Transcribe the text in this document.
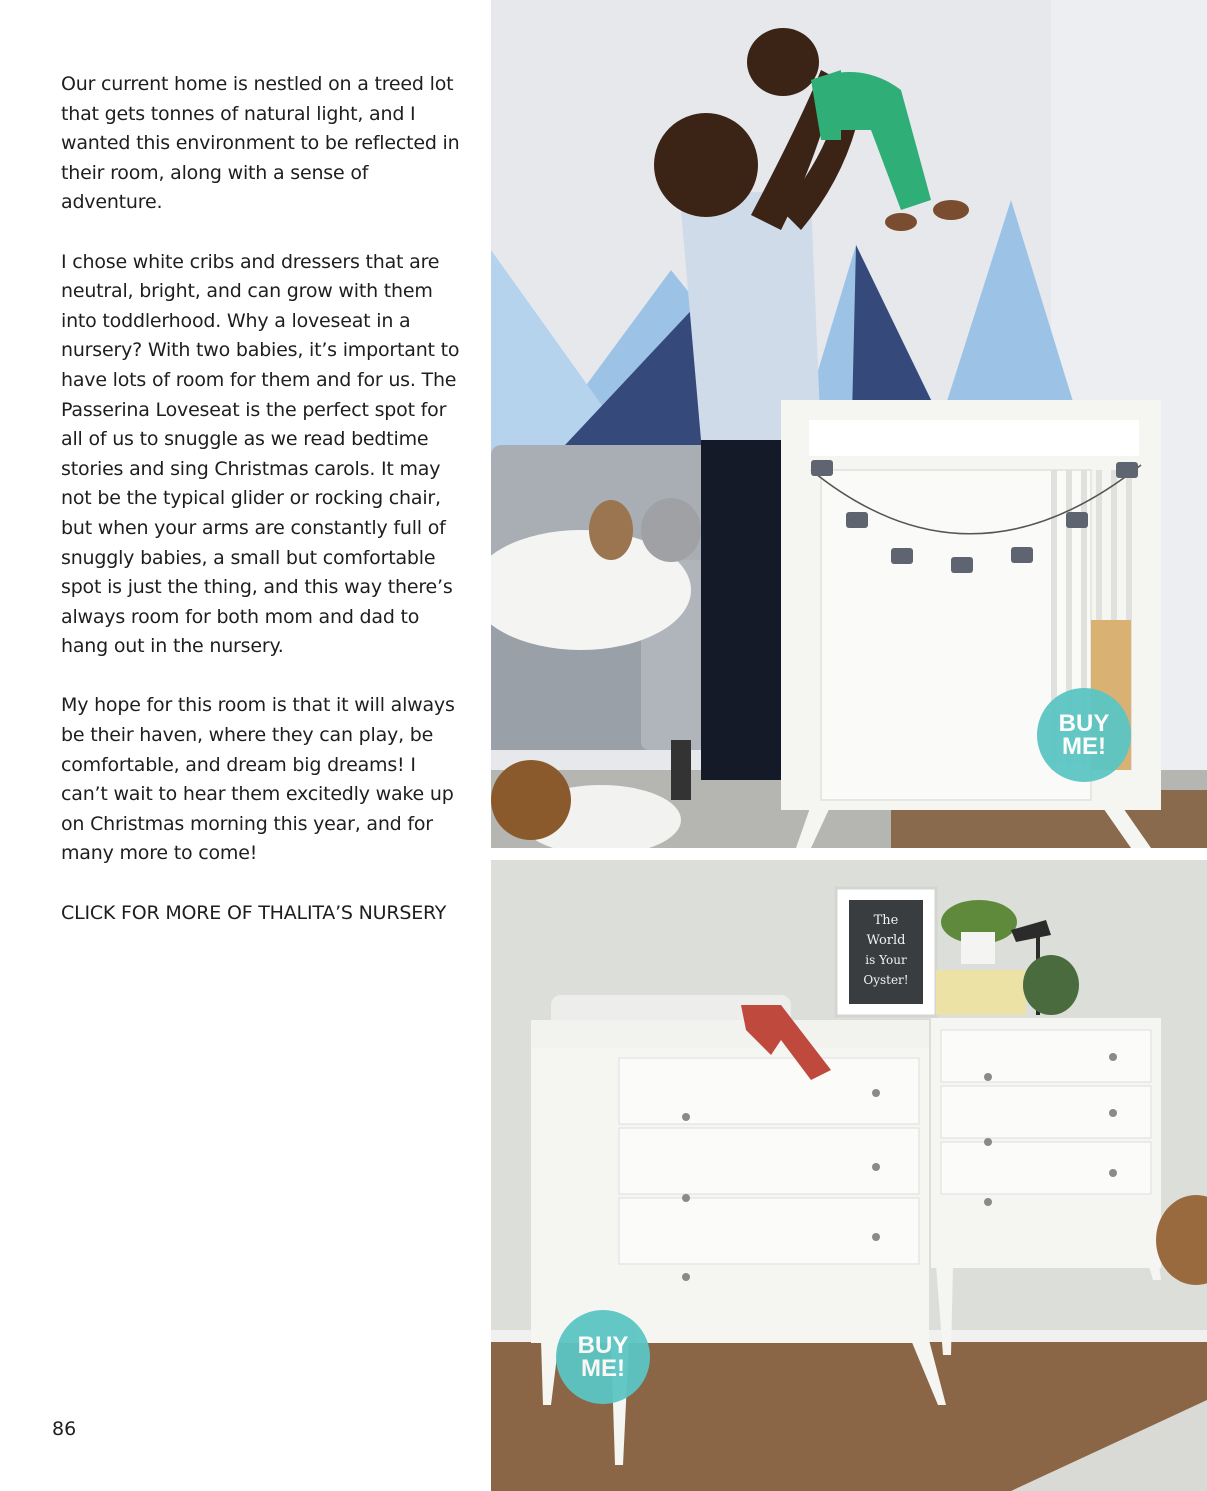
Our current home is nestled on a treed lot that gets tonnes of natural light, and I wanted this environment to be reflected in their room, along with a sense of adventure.

I chose white cribs and dressers that are neutral, bright, and can grow with them into toddlerhood. Why a loveseat in a nursery? With two babies, it’s important to have lots of room for them and for us. The Passerina Loveseat is the perfect spot for all of us to snuggle as we read bedtime stories and sing Christmas carols. It may not be the typical glider or rocking chair, but when your arms are constantly full of snuggly babies, a small but comfortable spot is just the thing, and this way there’s always room for both mom and dad to hang out in the nursery.

My hope for this room is that it will always be their haven, where they can play, be comfortable, and dream big dreams! I can’t wait to hear them excitedly wake up on Christmas morning this year, and for many more to come!

CLICK FOR MORE OF THALITA’S NURSERY
86
BUY
ME!
The
World
is Your
Oyster!
BUY
ME!
